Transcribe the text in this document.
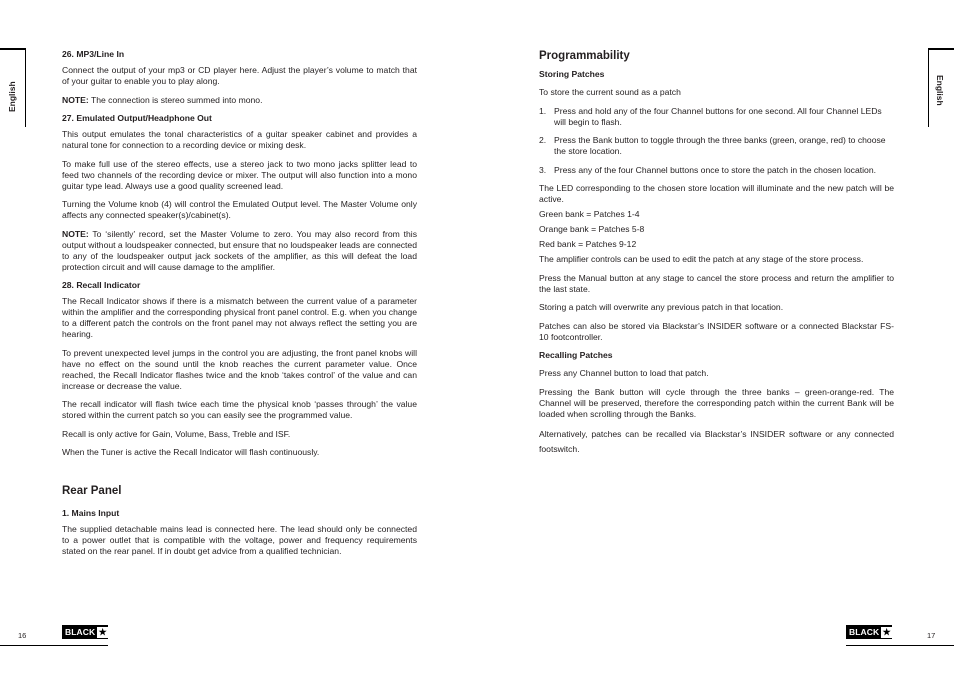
English	English
26. MP3/Line In

Connect the output of your mp3 or CD player here. Adjust the player’s volume to match that of your guitar to enable you to play along.

NOTE: The connection is stereo summed into mono.

27. Emulated Output/Headphone Out

This output emulates the tonal characteristics of a guitar speaker cabinet and provides a natural tone for connection to a recording device or mixing desk.

To make full use of the stereo effects, use a stereo jack to two mono jacks splitter lead to feed two channels of the recording device or mixer. The output will also function into a mono guitar type lead. Always use a good quality screened lead.

Turning the Volume knob (4) will control the Emulated Output level. The Master Volume only affects any connected speaker(s)/cabinet(s).

NOTE: To ‘silently’ record, set the Master Volume to zero. You may also record from this output without a loudspeaker connected, but ensure that no loudspeaker leads are connected to any of the loudspeaker output jack sockets of the amplifier, as this will defeat the load protection circuit and will cause damage to the amplifier.

28. Recall Indicator

The Recall Indicator shows if there is a mismatch between the current value of a parameter within the amplifier and the corresponding physical front panel control. E.g. when you change to a different patch the controls on the front panel may not always reflect the setting you are hearing.

To prevent unexpected level jumps in the control you are adjusting, the front panel knobs will have no effect on the sound until the knob reaches the current parameter value. Once reached, the Recall Indicator flashes twice and the knob ‘takes control’ of the value and can increase or decrease the value.

The recall indicator will flash twice each time the physical knob ‘passes through’ the value stored within the current patch so you can easily see the programmed value.

Recall is only active for Gain, Volume, Bass, Treble and ISF.

When the Tuner is active the Recall Indicator will flash continuously.

Rear Panel
1. Mains Input

The supplied detachable mains lead is connected here. The lead should only be connected to a power outlet that is compatible with the voltage, power and frequency requirements stated on the rear panel. If in doubt get advice from a qualified technician.

Programmability
Storing Patches

To store the current sound as a patch

1. Press and hold any of the four Channel buttons for one second. All four Channel LEDs will begin to flash.
2. Press the Bank button to toggle through the three banks (green, orange, red) to choose the store location.
3. Press any of the four Channel buttons once to store the patch in the chosen location.

The LED corresponding to the chosen store location will illuminate and the new patch will be active.

Green bank = Patches 1-4

Orange bank = Patches 5-8

Red bank = Patches 9-12

The amplifier controls can be used to edit the patch at any stage of the store process.

Press the Manual button at any stage to cancel the store process and return the amplifier to the last state.

Storing a patch will overwrite any previous patch in that location.

Patches can also be stored via Blackstar’s INSIDER software or a connected Blackstar FS-10 footcontroller.

Recalling Patches

Press any Channel button to load that patch.

Pressing the Bank button will cycle through the three banks – green-orange-red. The Channel will be preserved, therefore the corresponding patch within the current Bank will be loaded when scrolling through the Banks.

Alternatively, patches can be recalled via Blackstar’s INSIDER software or any connected footswitch.

16	BLACK ★	BLACK ★	17
